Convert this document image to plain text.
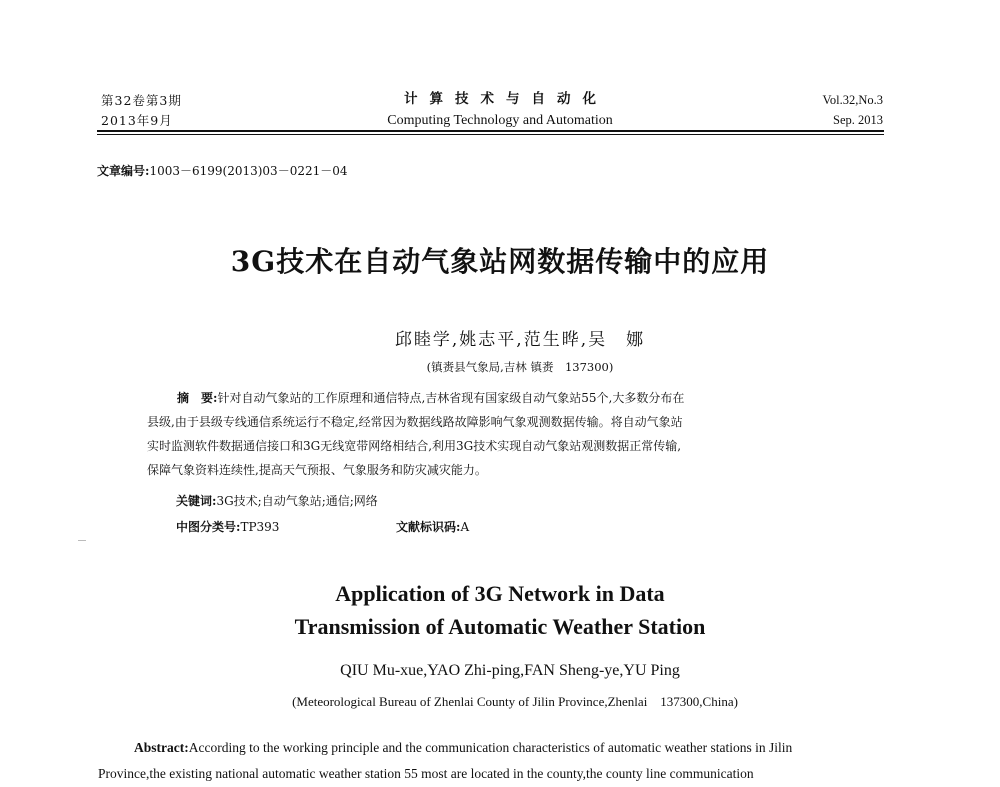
第32卷第3期
2013年9月
计算技术与自动化
Computing Technology and Automation
Vol.32,No.3
Sep. 2013
文章编号:1003－6199(2013)03－0221－04
3G技术在自动气象站网数据传输中的应用
邱睦学,姚志平,范生晔,吴　娜
(镇赉县气象局,吉林 镇赉　137300)
摘　要:针对自动气象站的工作原理和通信特点,吉林省现有国家级自动气象站55个,大多数分布在
县级,由于县级专线通信系统运行不稳定,经常因为数据线路故障影响气象观测数据传输。将自动气象站
实时监测软件数据通信接口和3G无线宽带网络相结合,利用3G技术实现自动气象站观测数据正常传输,
保障气象资料连续性,提高天气预报、气象服务和防灾减灾能力。
关键词:3G技术;自动气象站;通信;网络
中图分类号:TP393	文献标识码:A
Application of 3G Network in Data
Transmission of Automatic Weather Station
QIU Mu-xue,YAO Zhi-ping,FAN Sheng-ye,YU Ping
(Meteorological Bureau of Zhenlai County of Jilin Province,Zhenlai　137300,China)
Abstract:According to the working principle and the communication characteristics of automatic weather stations in Jilin
Province,the existing national automatic weather station 55 most are located in the county,the county line communication
